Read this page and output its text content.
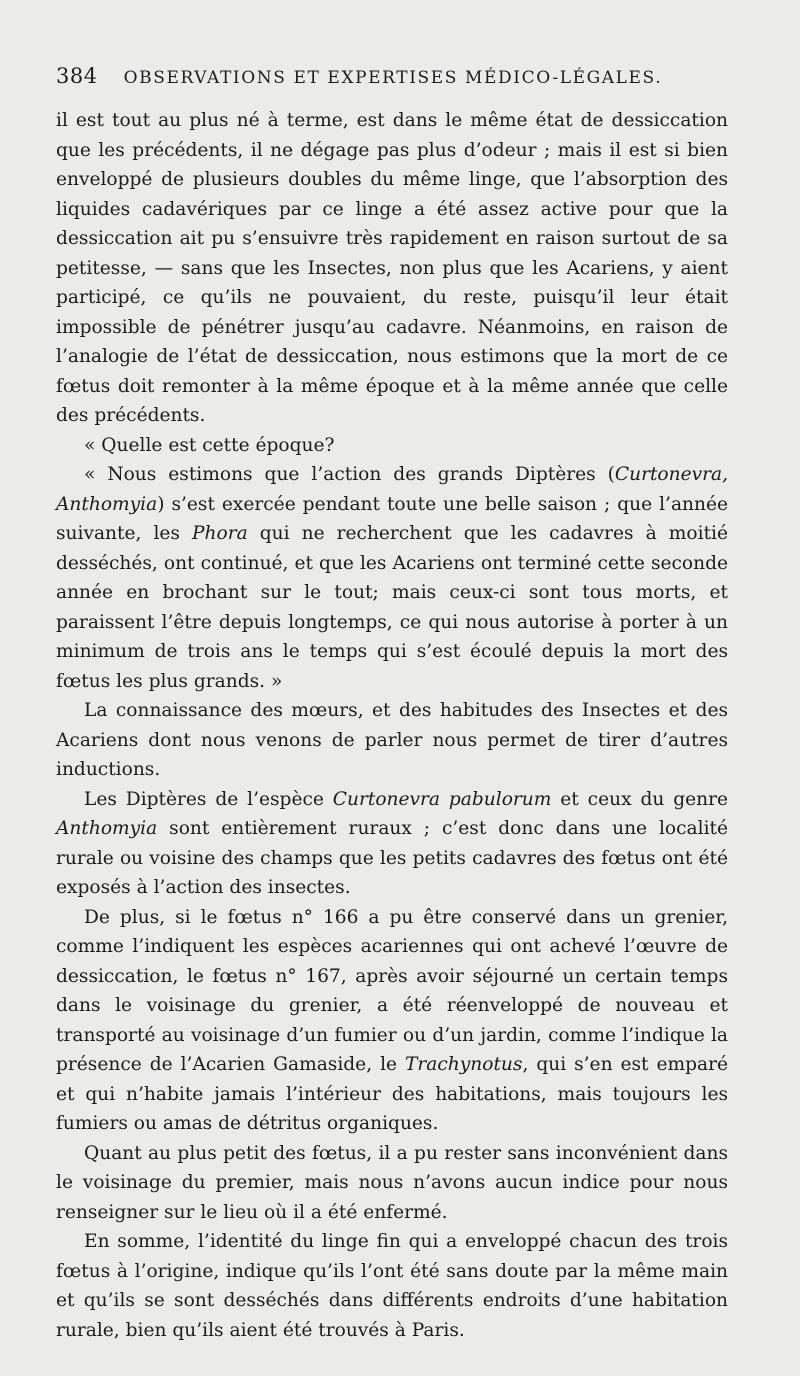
384 OBSERVATIONS ET EXPERTISES MÉDICO-LÉGALES.

il est tout au plus né à terme, est dans le même état de dessiccation que les précédents, il ne dégage pas plus d’odeur ; mais il est si bien enveloppé de plusieurs doubles du même linge, que l’absorption des liquides cadavériques par ce linge a été assez active pour que la dessiccation ait pu s’ensuivre très rapidement en raison surtout de sa petitesse, — sans que les Insectes, non plus que les Acariens, y aient participé, ce qu’ils ne pouvaient, du reste, puisqu’il leur était impossible de pénétrer jusqu’au cadavre. Néanmoins, en raison de l’analogie de l’état de dessiccation, nous estimons que la mort de ce fœtus doit remonter à la même époque et à la même année que celle des précédents.

« Quelle est cette époque?

« Nous estimons que l’action des grands Diptères (Curtonevra, Anthomyia) s’est exercée pendant toute une belle saison ; que l’année suivante, les Phora qui ne recherchent que les cadavres à moitié desséchés, ont continué, et que les Acariens ont terminé cette seconde année en brochant sur le tout; mais ceux-ci sont tous morts, et paraissent l’être depuis longtemps, ce qui nous autorise à porter à un minimum de trois ans le temps qui s’est écoulé depuis la mort des fœtus les plus grands. »

La connaissance des mœurs, et des habitudes des Insectes et des Acariens dont nous venons de parler nous permet de tirer d’autres inductions.

Les Diptères de l’espèce Curtonevra pabulorum et ceux du genre Anthomyia sont entièrement ruraux ; c’est donc dans une localité rurale ou voisine des champs que les petits cadavres des fœtus ont été exposés à l’action des insectes.

De plus, si le fœtus n° 166 a pu être conservé dans un grenier, comme l’indiquent les espèces acariennes qui ont achevé l’œuvre de dessiccation, le fœtus n° 167, après avoir séjourné un certain temps dans le voisinage du grenier, a été réenveloppé de nouveau et transporté au voisinage d’un fumier ou d’un jardin, comme l’indique la présence de l’Acarien Gamaside, le Trachynotus, qui s’en est emparé et qui n’habite jamais l’intérieur des habitations, mais toujours les fumiers ou amas de détritus organiques.

Quant au plus petit des fœtus, il a pu rester sans inconvénient dans le voisinage du premier, mais nous n’avons aucun indice pour nous renseigner sur le lieu où il a été enfermé.

En somme, l’identité du linge fin qui a enveloppé chacun des trois fœtus à l’origine, indique qu’ils l’ont été sans doute par la même main et qu’ils se sont desséchés dans différents endroits d’une habitation rurale, bien qu’ils aient été trouvés à Paris.
